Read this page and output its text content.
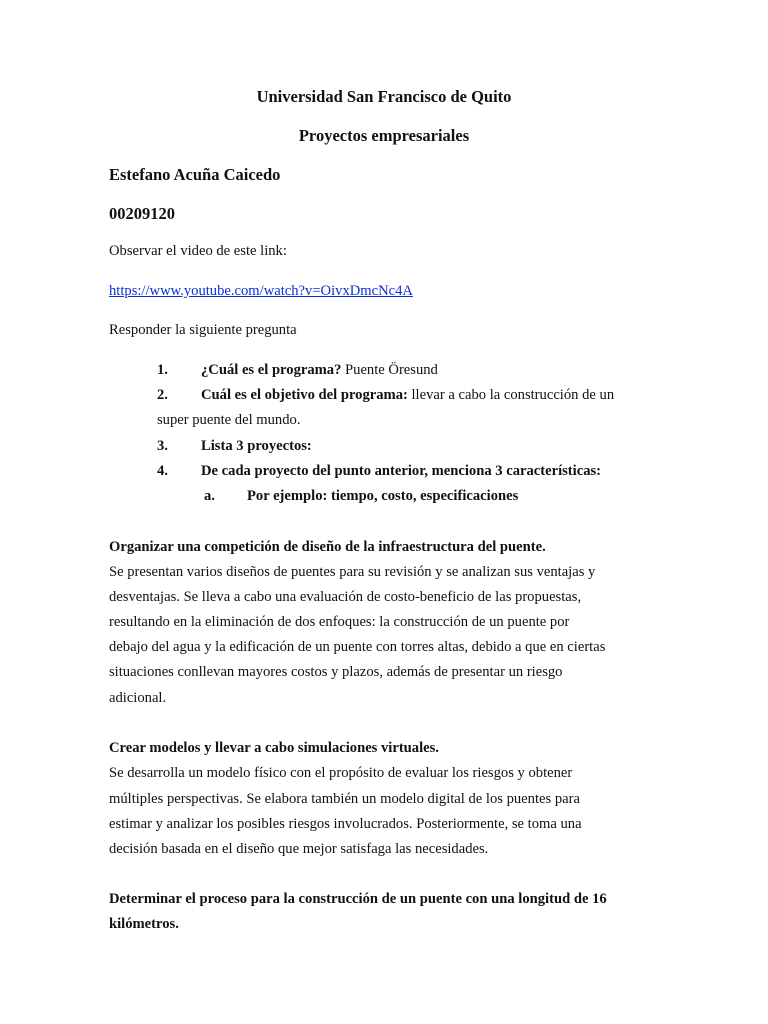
Universidad San Francisco de Quito
Proyectos empresariales
Estefano Acuña Caicedo
00209120
Observar el video de este link:
https://www.youtube.com/watch?v=OivxDmcNc4A
Responder la siguiente pregunta
1. ¿Cuál es el programa? Puente Öresund
2. Cuál es el objetivo del programa: llevar a cabo la construcción de un
super puente del mundo.
3. Lista 3 proyectos:
4. De cada proyecto del punto anterior, menciona 3 características:
a. Por ejemplo: tiempo, costo, especificaciones
Organizar una competición de diseño de la infraestructura del puente.
Se presentan varios diseños de puentes para su revisión y se analizan sus ventajas y
desventajas. Se lleva a cabo una evaluación de costo-beneficio de las propuestas,
resultando en la eliminación de dos enfoques: la construcción de un puente por
debajo del agua y la edificación de un puente con torres altas, debido a que en ciertas
situaciones conllevan mayores costos y plazos, además de presentar un riesgo
adicional.
Crear modelos y llevar a cabo simulaciones virtuales.
Se desarrolla un modelo físico con el propósito de evaluar los riesgos y obtener
múltiples perspectivas. Se elabora también un modelo digital de los puentes para
estimar y analizar los posibles riesgos involucrados. Posteriormente, se toma una
decisión basada en el diseño que mejor satisfaga las necesidades.
Determinar el proceso para la construcción de un puente con una longitud de 16
kilómetros.
